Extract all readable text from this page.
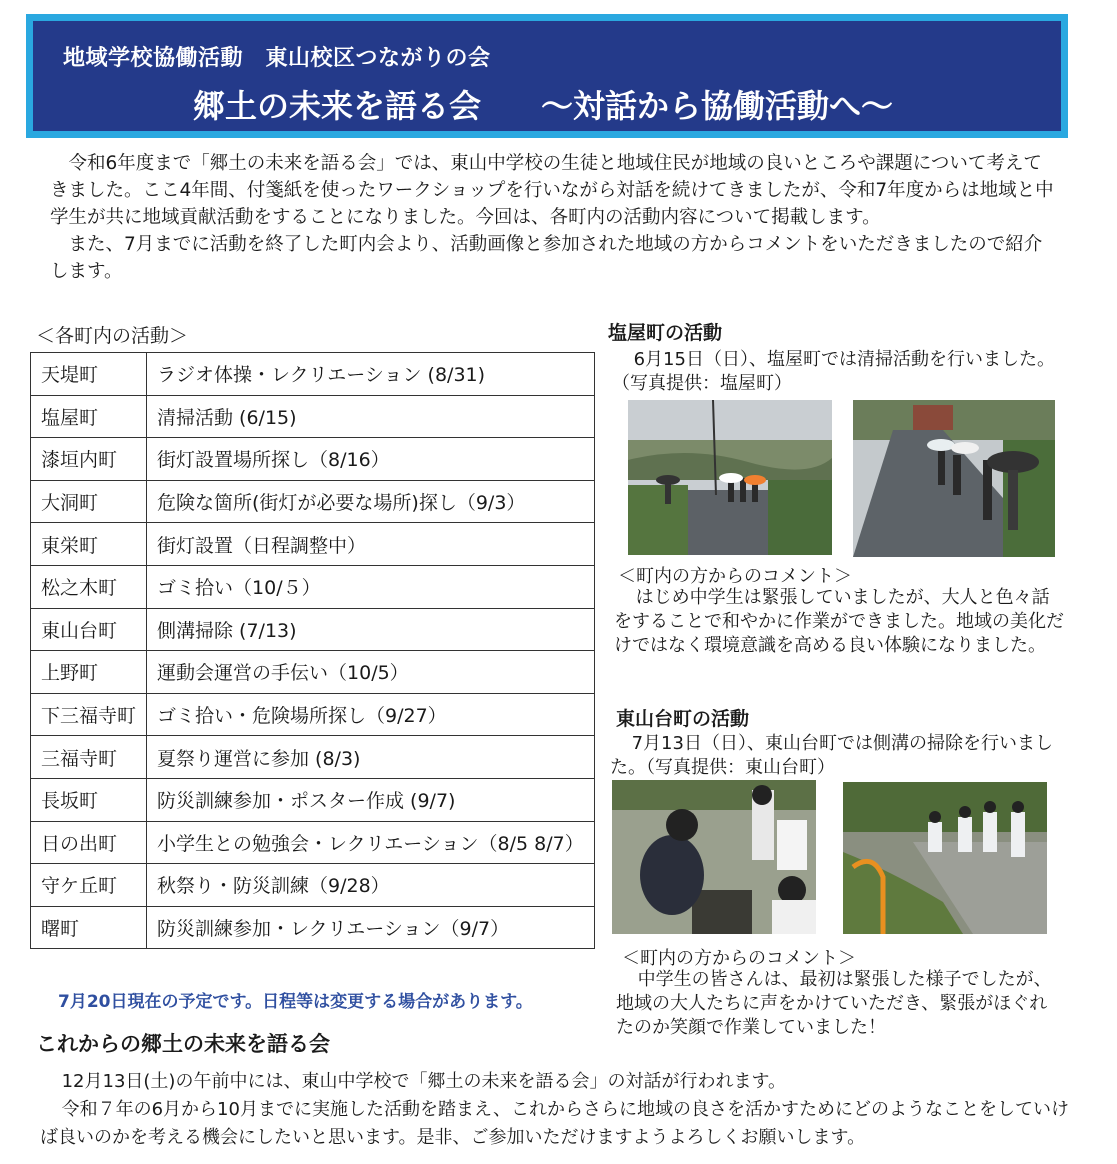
地域学校協働活動　東山校区つながりの会
郷土の未来を語る会 ～対話から協働活動へ～

令和6年度まで「郷土の未来を語る会」では、東山中学校の生徒と地域住民が地域の良いところや課題について考えてきました。ここ4年間、付箋紙を使ったワークショップを行いながら対話を続けてきましたが、令和7年度からは地域と中学生が共に地域貢献活動をすることになりました。今回は、各町内の活動内容について掲載します。

また、7月までに活動を終了した町内会より、活動画像と参加された地域の方からコメントをいただきましたので紹介します。

＜各町内の活動＞
天堤町	ラジオ体操・レクリエーション (8/31)
塩屋町	清掃活動 (6/15)
漆垣内町	街灯設置場所探し（8/16）
大洞町	危険な箇所(街灯が必要な場所)探し（9/3）
東栄町	街灯設置（日程調整中）
松之木町	ゴミ拾い（10/５）
東山台町	側溝掃除 (7/13)
上野町	運動会運営の手伝い（10/5）
下三福寺町	ゴミ拾い・危険場所探し（9/27）
三福寺町	夏祭り運営に参加 (8/3)
長坂町	防災訓練参加・ポスター作成 (9/7)
日の出町	小学生との勉強会・レクリエーション（8/5 8/7）
守ケ丘町	秋祭り・防災訓練（9/28）
曙町	防災訓練参加・レクリエーション（9/7）
7月20日現在の予定です。日程等は変更する場合があります。
塩屋町の活動
6月15日（日）、塩屋町では清掃活動を行いました。（写真提供：塩屋町）
＜町内の方からのコメント＞
はじめ中学生は緊張していましたが、大人と色々話をすることで和やかに作業ができました。地域の美化だけではなく環境意識を高める良い体験になりました。
東山台町の活動
7月13日（日）、東山台町では側溝の掃除を行いました。（写真提供：東山台町）
＜町内の方からのコメント＞
中学生の皆さんは、最初は緊張した様子でしたが、地域の大人たちに声をかけていただき、緊張がほぐれたのか笑顔で作業していました！
これからの郷土の未来を語る会

12月13日(土)の午前中には、東山中学校で「郷土の未来を語る会」の対話が行われます。

令和７年の6月から10月までに実施した活動を踏まえ、これからさらに地域の良さを活かすためにどのようなことをしていけば良いのかを考える機会にしたいと思います。是非、ご参加いただけますようよろしくお願いします。
